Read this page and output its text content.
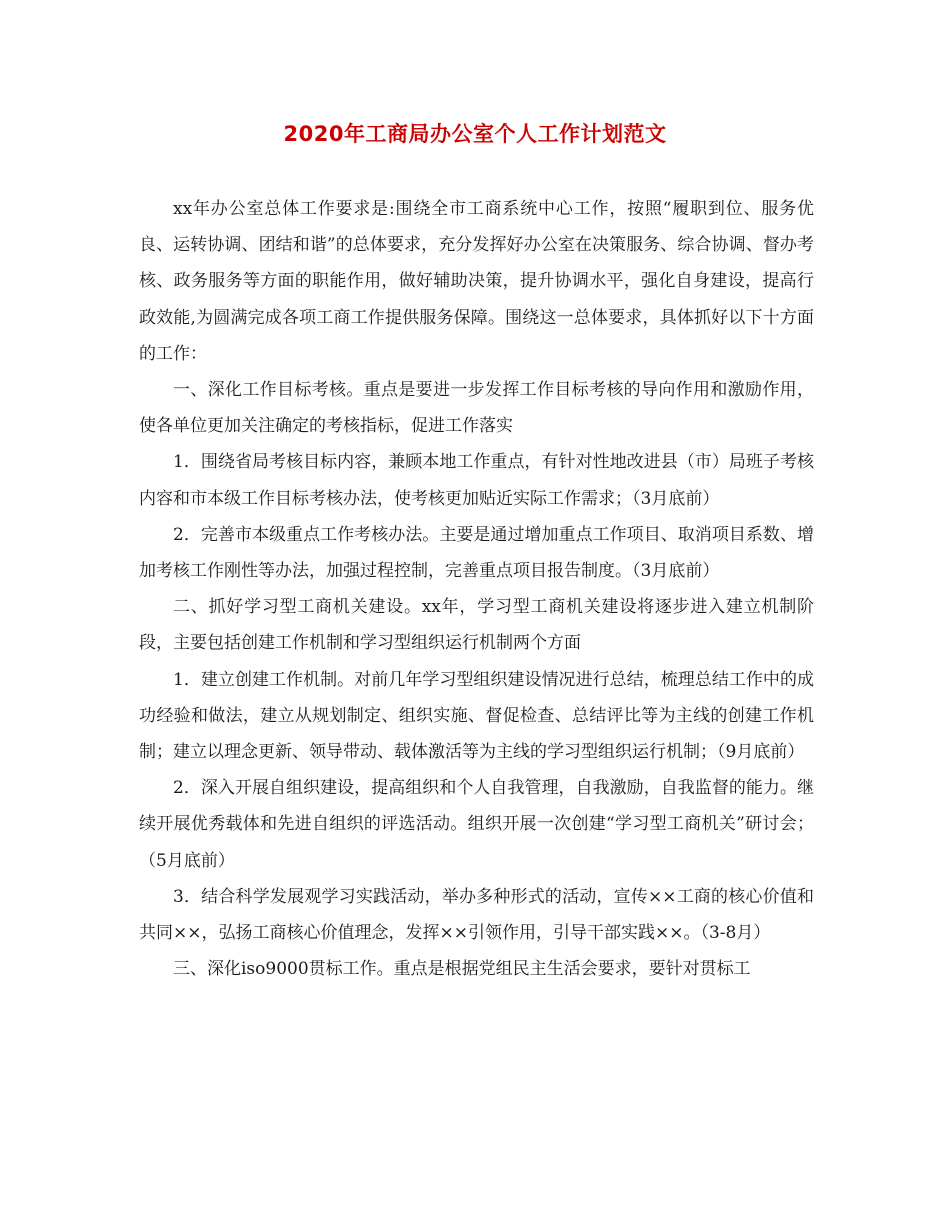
2020年工商局办公室个人工作计划范文

xx年办公室总体工作要求是:围绕全市工商系统中心工作，按照“履职到位、服务优良、运转协调、团结和谐”的总体要求，充分发挥好办公室在决策服务、综合协调、督办考核、政务服务等方面的职能作用，做好辅助决策，提升协调水平，强化自身建设，提高行政效能,为圆满完成各项工商工作提供服务保障。围绕这一总体要求，具体抓好以下十方面的工作：

一、深化工作目标考核。重点是要进一步发挥工作目标考核的导向作用和激励作用，使各单位更加关注确定的考核指标，促进工作落实

1．围绕省局考核目标内容，兼顾本地工作重点，有针对性地改进县（市）局班子考核内容和市本级工作目标考核办法，使考核更加贴近实际工作需求；（3月底前）

2．完善市本级重点工作考核办法。主要是通过增加重点工作项目、取消项目系数、增加考核工作刚性等办法，加强过程控制，完善重点项目报告制度。（3月底前）

二、抓好学习型工商机关建设。xx年，学习型工商机关建设将逐步进入建立机制阶段，主要包括创建工作机制和学习型组织运行机制两个方面

1．建立创建工作机制。对前几年学习型组织建设情况进行总结，梳理总结工作中的成功经验和做法，建立从规划制定、组织实施、督促检查、总结评比等为主线的创建工作机制；建立以理念更新、领导带动、载体激活等为主线的学习型组织运行机制；（9月底前）

2．深入开展自组织建设，提高组织和个人自我管理，自我激励，自我监督的能力。继续开展优秀载体和先进自组织的评选活动。组织开展一次创建“学习型工商机关”研讨会；（5月底前）

3．结合科学发展观学习实践活动，举办多种形式的活动，宣传××工商的核心价值和共同××，弘扬工商核心价值理念，发挥××引领作用，引导干部实践××。（3-8月）

三、深化iso9000贯标工作。重点是根据党组民主生活会要求，要针对贯标工
